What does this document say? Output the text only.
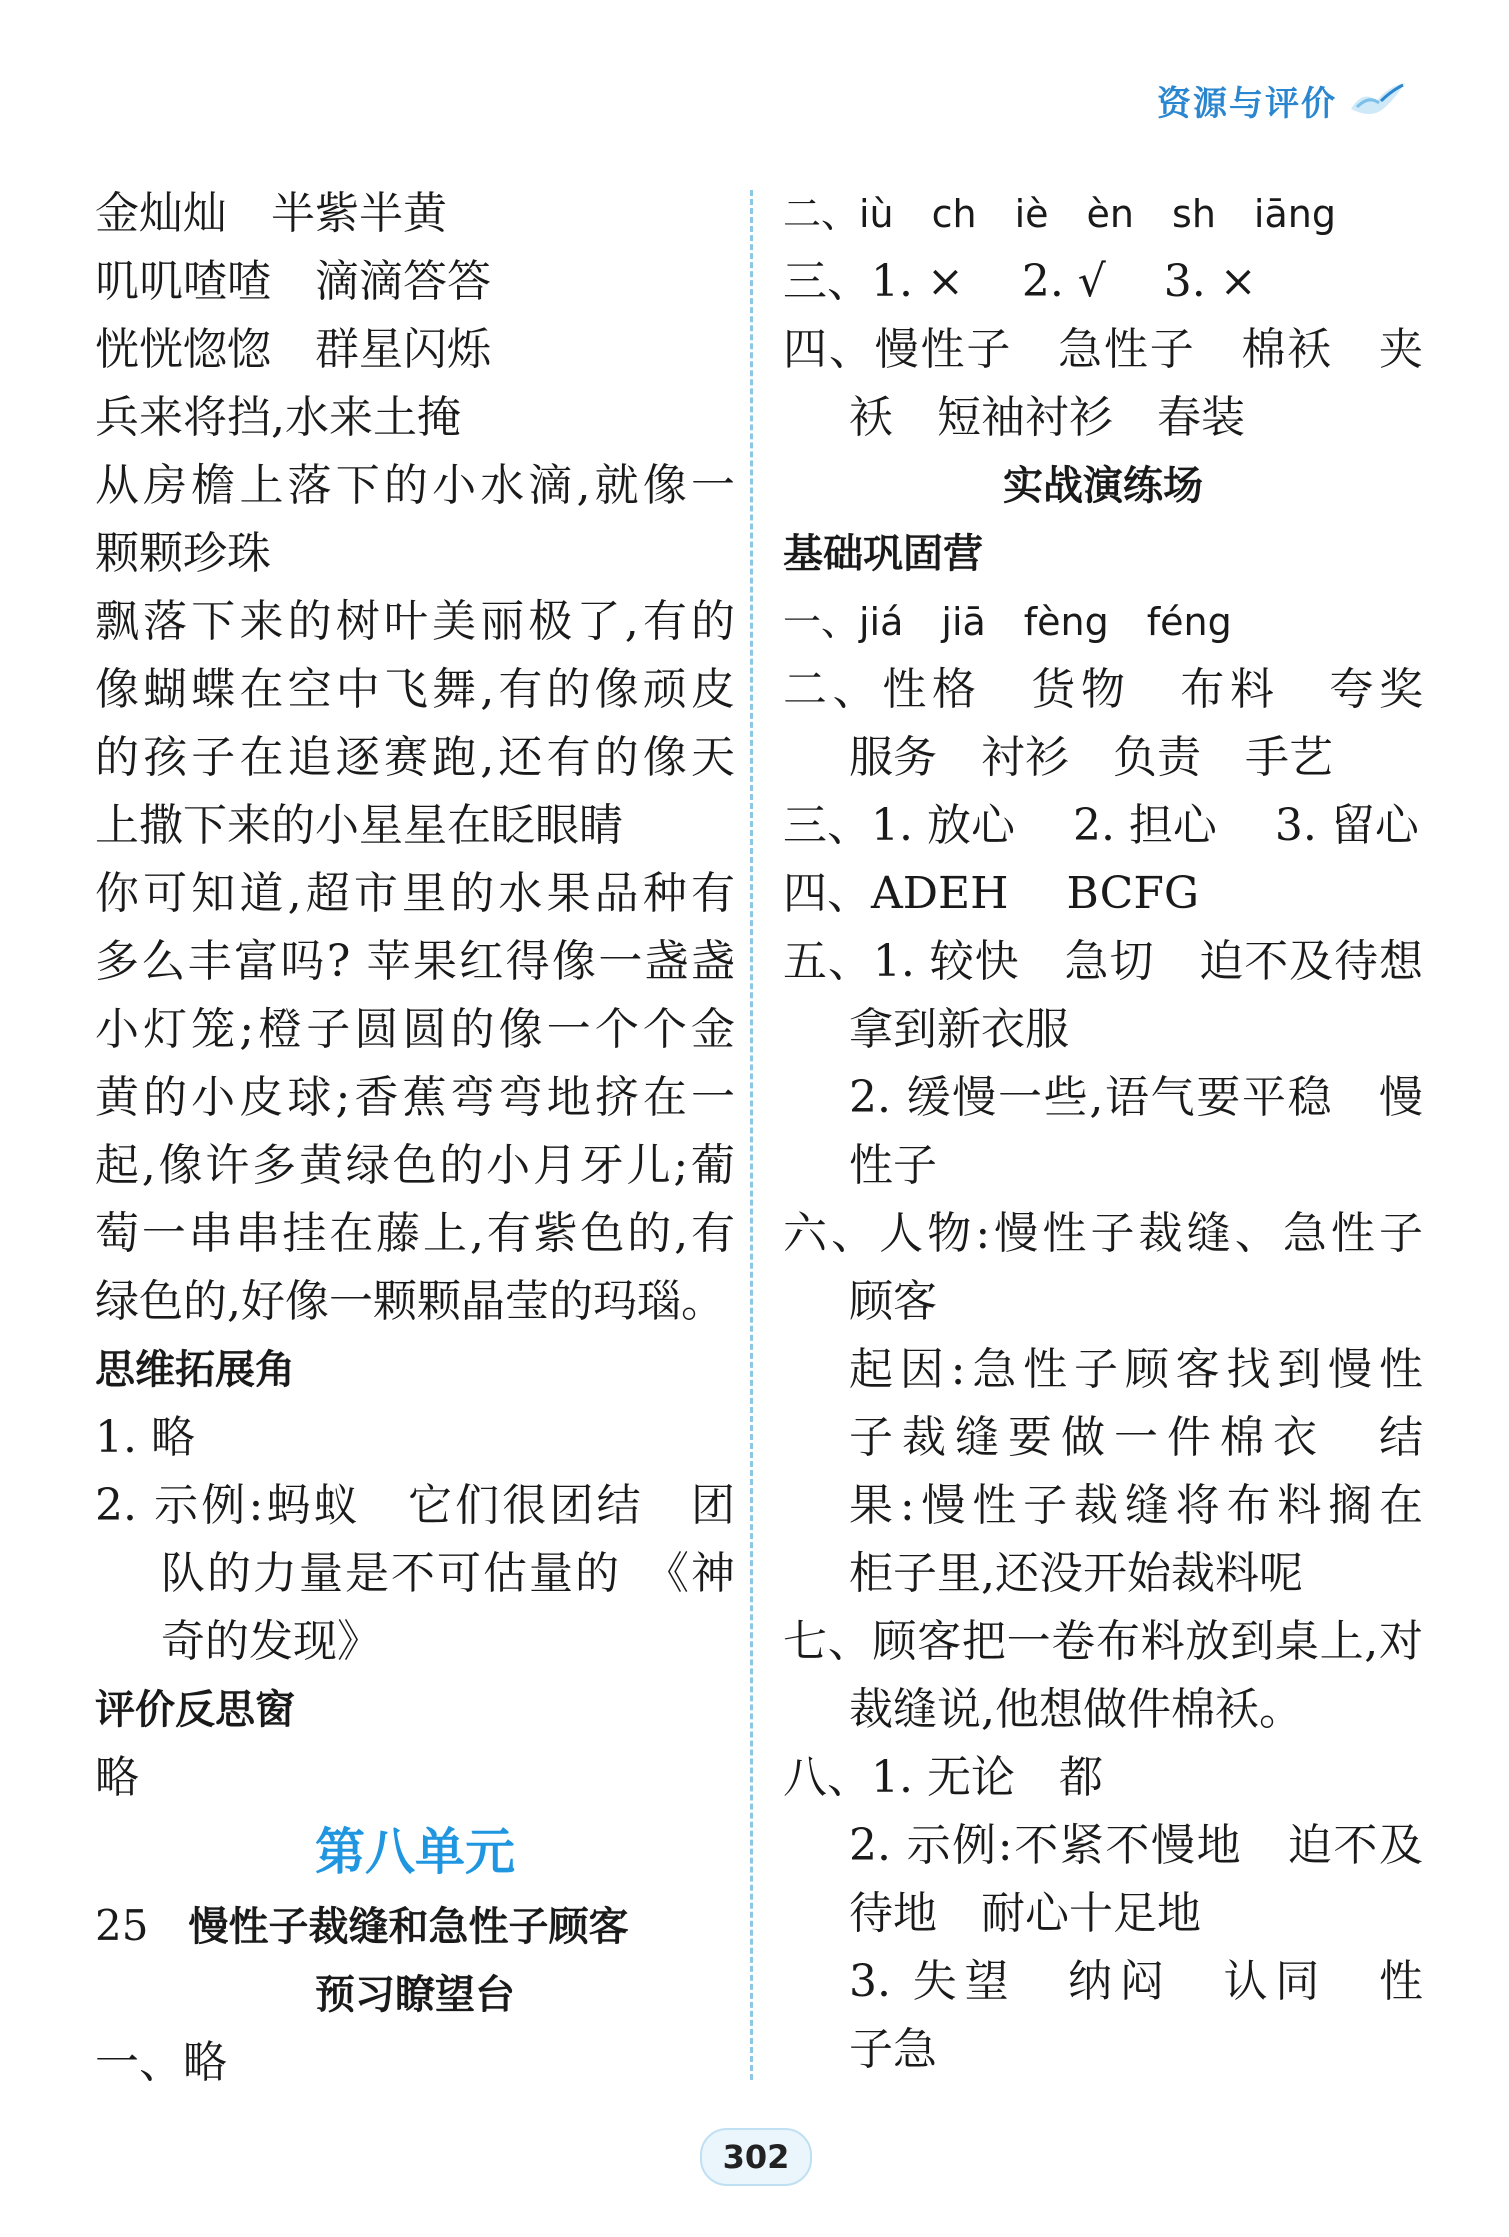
资源与评价
金灿灿 半紫半黄
叽叽喳喳 滴滴答答
恍恍惚惚 群星闪烁
兵来将挡,水来土掩
从房檐上落下的小水滴,就像一
颗颗珍珠
飘落下来的树叶美丽极了,有的
像蝴蝶在空中飞舞,有的像顽皮
的孩子在追逐赛跑,还有的像天
上撒下来的小星星在眨眼睛
你可知道,超市里的水果品种有
多么丰富吗? 苹果红得像一盏盏
小灯笼;橙子圆圆的像一个个金
黄的小皮球;香蕉弯弯地挤在一
起,像许多黄绿色的小月牙儿;葡
萄一串串挂在藤上,有紫色的,有
绿色的,好像一颗颗晶莹的玛瑙。
思维拓展角
1. 略
2. 示例:蚂蚁　它们很团结　团
队的力量是不可估量的　《神
奇的发现》
评价反思窗
略
第八单元
25 慢性子裁缝和急性子顾客
预习瞭望台
一、略
二、iù ch iè èn sh iāng
三、1. ×  2. √  3. ×
四、慢性子　急性子　棉袄　夹
袄　短袖衬衫　春装
实战演练场
基础巩固营
一、jiá jiā fèng féng
二、性格　货物　布料　夸奖
服务　衬衫　负责　手艺
三、1. 放心  2. 担心  3. 留心
四、ADEH  BCFG
五、1. 较快　急切　迫不及待想
拿到新衣服
2. 缓慢一些,语气要平稳　慢
性子
六、人物:慢性子裁缝、急性子
顾客
起因:急性子顾客找到慢性
子裁缝要做一件棉衣　结
果:慢性子裁缝将布料搁在
柜子里,还没开始裁料呢
七、顾客把一卷布料放到桌上,对
裁缝说,他想做件棉袄。
八、1. 无论　都
2. 示例:不紧不慢地　迫不及
待地　耐心十足地
3. 失望　纳闷　认同　性
子急
302
